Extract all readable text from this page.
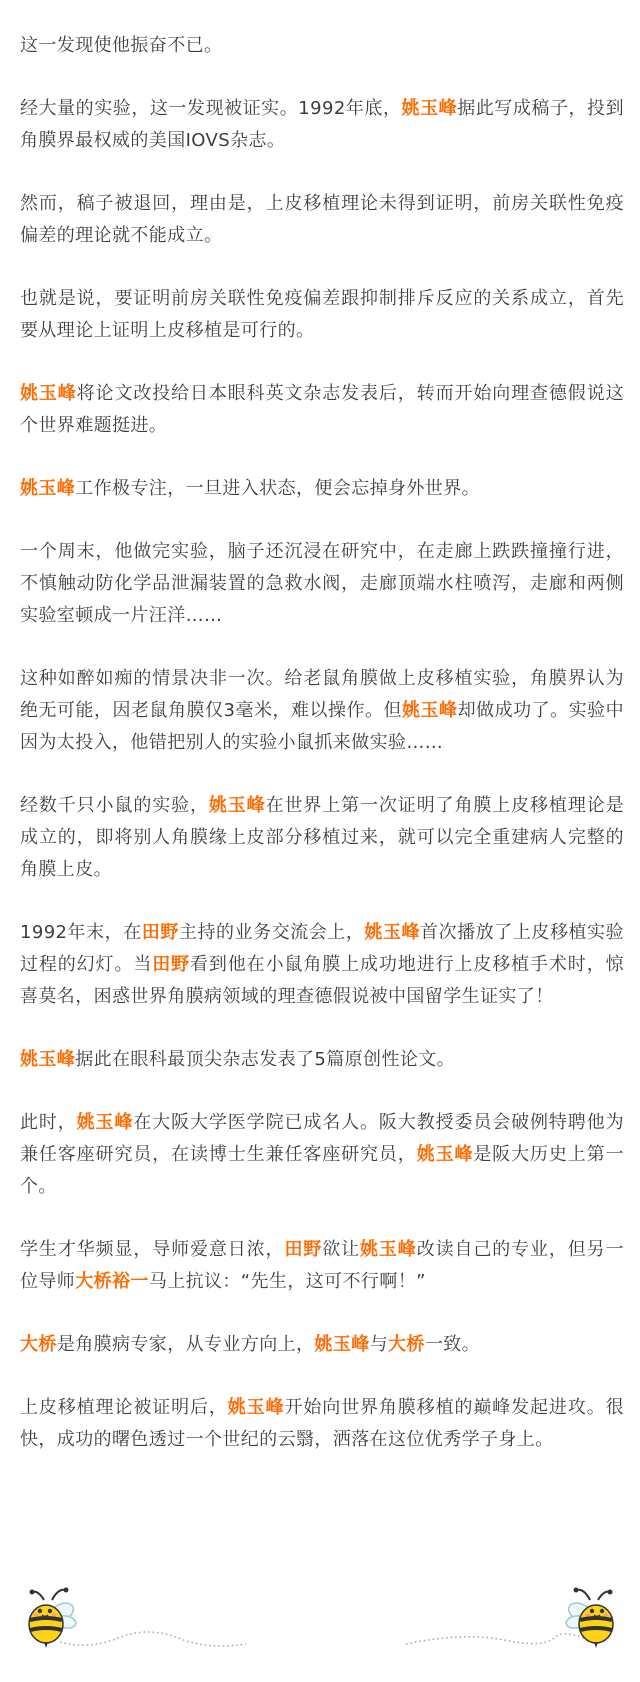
这一发现使他振奋不已。

经大量的实验，这一发现被证实。1992年底，姚玉峰据此写成稿子，投到角膜界最权威的美国IOVS杂志。

然而，稿子被退回，理由是，上皮移植理论未得到证明，前房关联性免疫偏差的理论就不能成立。

也就是说，要证明前房关联性免疫偏差跟抑制排斥反应的关系成立，首先要从理论上证明上皮移植是可行的。

姚玉峰将论文改投给日本眼科英文杂志发表后，转而开始向理查德假说这个世界难题挺进。

姚玉峰工作极专注，一旦进入状态，便会忘掉身外世界。

一个周末，他做完实验，脑子还沉浸在研究中，在走廊上跌跌撞撞行进，不慎触动防化学品泄漏装置的急救水阀，走廊顶端水柱喷泻，走廊和两侧实验室顿成一片汪洋……

这种如醉如痴的情景决非一次。给老鼠角膜做上皮移植实验，角膜界认为绝无可能，因老鼠角膜仅3毫米，难以操作。但姚玉峰却做成功了。实验中因为太投入，他错把别人的实验小鼠抓来做实验……

经数千只小鼠的实验，姚玉峰在世界上第一次证明了角膜上皮移植理论是成立的，即将别人角膜缘上皮部分移植过来，就可以完全重建病人完整的角膜上皮。

1992年末，在田野主持的业务交流会上，姚玉峰首次播放了上皮移植实验过程的幻灯。当田野看到他在小鼠角膜上成功地进行上皮移植手术时，惊喜莫名，困惑世界角膜病领域的理查德假说被中国留学生证实了！

姚玉峰据此在眼科最顶尖杂志发表了5篇原创性论文。

此时，姚玉峰在大阪大学医学院已成名人。阪大教授委员会破例特聘他为兼任客座研究员，在读博士生兼任客座研究员，姚玉峰是阪大历史上第一个。

学生才华频显，导师爱意日浓，田野欲让姚玉峰改读自己的专业，但另一位导师大桥裕一马上抗议：“先生，这可不行啊！”

大桥是角膜病专家，从专业方向上，姚玉峰与大桥一致。

上皮移植理论被证明后，姚玉峰开始向世界角膜移植的巅峰发起进攻。很快，成功的曙色透过一个世纪的云翳，洒落在这位优秀学子身上。
